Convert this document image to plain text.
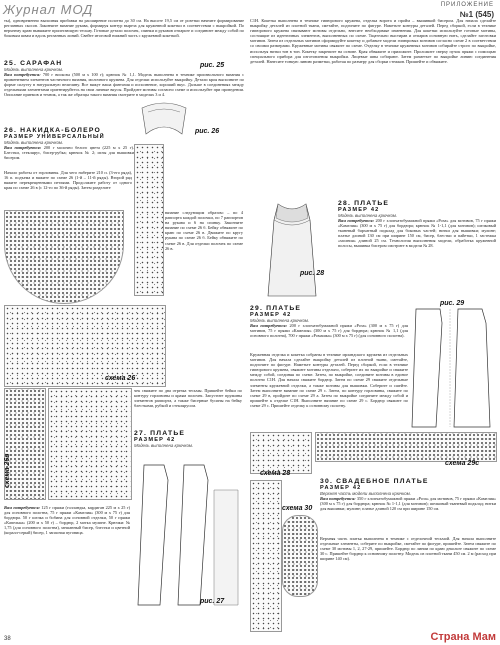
Журнал МОД	ПРИЛОЖЕНИЕ
№1 (545)
ты), одновременно выполняя прибавки на расширение полотна до 30 см. На высоте 19,5 см от розетки начните формирование регланных скосов. Закончите вязание рукава, формируя контур выреза для кружевной кокетки в соответствии с выкройкой. По верхнему краю вывяжите прилегающую тесьму. Готовые детали полочек, спинки и рукавов отпарьте и соедините между собой по боковым швам и вдоль регланных линий. Свейте итоговой нижний часть с кружевной кокеткой.
25. САРАФАН
Модель выполнена крючком.
Вам потребуется: 700 г вискозы (500 м х 100 г); крючок № 1,1. Модель выполнена в технике произвольного вязания с применением элементов частичного вязания, молочного кружева. Для отделки используйте выкройку. Детали кроя выполните по форме силуэту в натуральную величину. Все вяжут ваша фантазия и исполнение, хороший вкус. Дальше в соединениях между отдельными элементами ориентируйтесь на свои личные вкусы. Пройдите мотивы согласно схеме и используйте при проведении. Описание приемов и техник, а так же образцы такого вязания смотрите в моделях 3 и 4.
26. НАКИДКА-БОЛЕРО
РАЗМЕР УНИВЕРСАЛЬНЫЙ
Модель выполнена крючком.
Вам потребуется: 200 г молочно белого цвета (225 м х 25 г). Блестки, стеклярус, бисер-рубка; крючок № 2; иглы для вышивки бисером.
рис. 26
рис. 25
Начало работы от горловины. Для чего наберите 210 п. (3-его ряда), 16 п. подъема и вяжите по схеме 26 (1-й – 11-й ряды). Второй ряд вяжите перекрещенными петлями. Продолжите работу от одного края по схеме 26 в (с 12-го по 36-й ряды). Затем разделите
вязание следующим образом: – по 4 раппорта каждой полочки, по 7 раппортов на рукава и 6 на спинку. Закончите вязание по схеме 26 б. Бейку обвяжите по краю по схеме 26 в. Движите по кругу рукава по схеме 26 б. Бейку обвяжите по схеме 26 в. Для отделки полочек по схеме 26 в.
схема 26
схема 26в
чек свяжите по два отрезка тесьмы. Пришейте бейки по контуру горловины и краям полочек. Запустите пружины элементов раппорта, а также бисерные бусины на бейку блестками, рубкой и стеклярусом.
27. ПЛАТЬЕ
РАЗМЕР 42
Модель выполнена крючком.
рис. 27
Вам потребуется: 125 г пряжи (голландка, кардиган 225 м х 25 г) для основного полотна, 75 г пряжи «Камелия» (300 м х 75 г) для бордюра. 50 г шелка и бобина для основной отделки, 50 г пряжи «Капелька» (200 м х 50 г) – бордюр, 2 мотка мулине. Крючки: № 1,75 (для основного полотна), мешанный бисер, блестки и цветной (коралл-серый) бисер, 1 запасная пуговица.
С1Н. Кокетка выполнена в технике гипюрового кружева, отделка ворота и пройм – вышивкой бисером. Для начала сделайте выкройку деталей из плотной ткани, сметайте, подгоните по фигуре. Наметьте контуры деталей. Перед сборкой, если в технике гипюрового кружева связывают мотивы отдельно, внесите необходимые изменения. Для кокетки используйте готовые мотивы, состоящие из идентичных элементов, выполненных по схеме. Тщательно выстирав и отпарив основную нить, сделайте заготовки мотивов. Затем из отдельных мотивов сформируйте кокетку и добавьте модели гипюровых мотивов согласно схеме 2 в соответствии со своими размерами. Кружевные мотивы свяжите по схеме. Отделку в технике кружевных мотивов собирайте строго по выкройке, используя нитки тон в тон. Кокетку закрепите на основе. Края обвяжите и приложите. Проложите сверху пучок пряжи с помощью специального прибора для изготовления выкройки. Лицевые швы собирают. Затем разметьте по выкройке линию соединения деталей. Нанесите тонкую линию разметки, работая по размеру для сборки стежков. Пришейте и обвяжите.
рис. 28
28. ПЛАТЬЕ
РАЗМЕР 42
Модель выполнена крючком.
Вам потребуется: 200 г хлопчатобумажной пряжи «Роза» для мотивов, 75 г пряжи «Камелия» (300 м х 75 г) для бордюра; крючок № 1-1,1 (для мотивов); шелковый тканевый бархатный подклад для боковых частей; нитки для вышивки; мулине; платье длиной 130 см при ширине 150 см, бисер, блестки и пайетки, 1 застежка «молния» длиной 25 см. Технология выполнения модели, обработка кружевной полосы, вышивка бисером смотрите в модели № 28.
29. ПЛАТЬЕ
РАЗМЕР 42
Модель выполнена крючком.
Вам потребуется: 200 г хлопчатобумажной пряжи «Роза» (300 м х 75 г) для мотивов, 75 г пряжи «Камелия» (300 м х 75 г) для бордюра; крючок № 1,1 (для основного полотна), 700 г пряжи «Ромашка» (300 м х 75 г) (для основного полотна).
Кружевная отделка и кокетка собраны в технике ирландского кружева из отдельных мотивов. Для начала сделайте выкройку деталей из плотной ткани, сметайте, подгоните по фигуре. Наметьте контуры деталей. Перед сборкой, если в технике гипюрового кружева, свяжите мотивы отдельно, соберите их по выкройке и свяжите между собой, соединяя по схеме. Затем, по выкройке, соедините мотивы в единое полотно С1Н. Для начала свяжите бордюр. Затем по схеме 29 свяжите отдельные элементы кружевной отделки, а также мотивы для вышивки. Соберите и сшейте. Затем выполните вязание по схеме 29 с. Затем, по контуру горловины, свяжите по схеме 29 в, пройдите по схеме 29 а. Затем по выкройке соедините между собой и пришейте к отделке С1Н. Выполните вязание по схеме 29 с. Бордюр свяжите по схеме 29 с. Пришейте отделку к основному полотну.
рис. 29
схема 28
схема 29с
схема 30
30. СВАДЕБНОЕ ПЛАТЬЕ
РАЗМЕР 42
Верхняя часть модели выполнена крючком.
Вам потребуется: 350 г хлопчатобумажной пряжи «Роза» для мотивов, 75 г пряжи «Камелия» (300 м х 75 г) для бордюра; крючок № 1-1,1 (для мотивов); шелковый тканевый подклад; нитки для вышивки; мулине; платье длиной 120 см при ширине 150 см.
Верхняя часть платья выполнена в технике с отделочной тесьмой. Для начала выполните отдельные элементы, соберите по выкройке, сметайте по фигуре, пришейте. Затем свяжите по схеме 30 мотивы 1, 2, 27-29, пришейте. Бордюр по линии по краю декольте свяжите по схеме 30 с. Пришейте бордюр к основному полотну. Модель из плотной ткани 450 см. 2 м (расход при ширине 140 см).
38	Страна Мам
